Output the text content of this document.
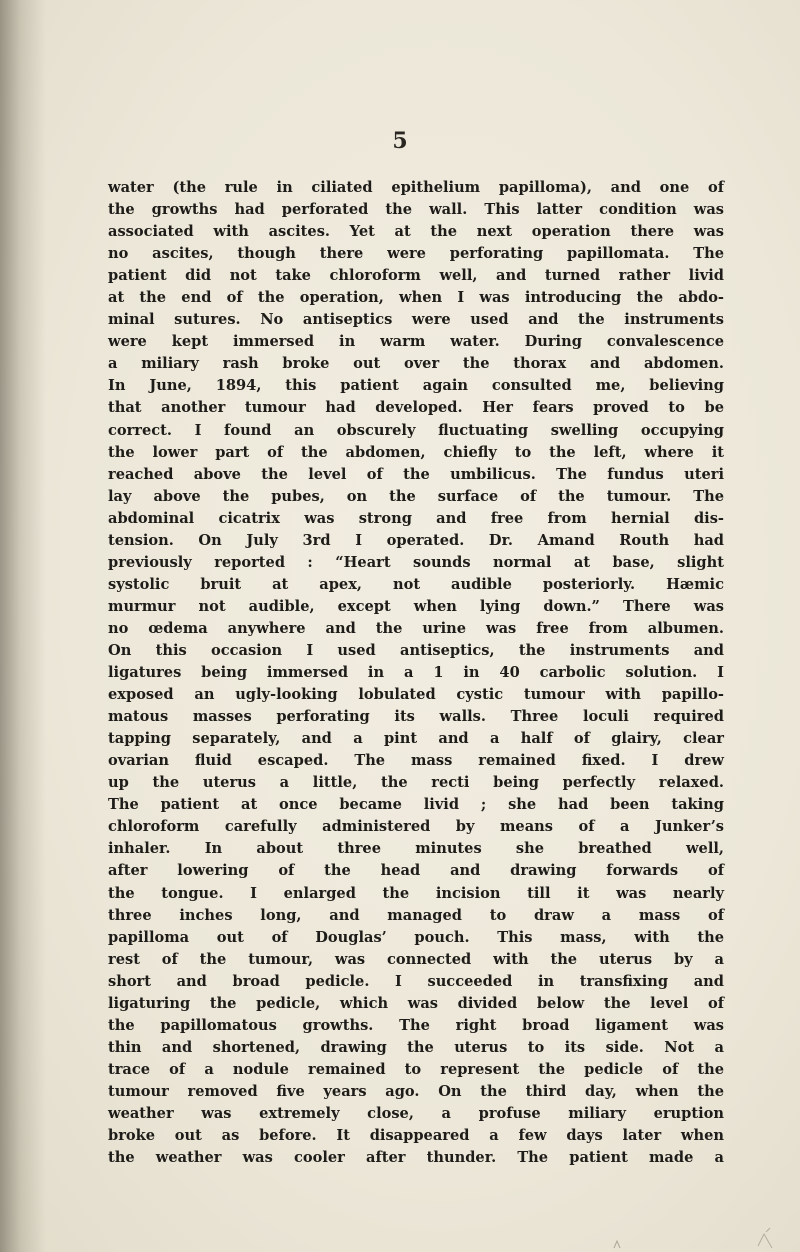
5
water (the rule in ciliated epithelium papilloma), and one of
the growths had perforated the wall. This latter condition was
associated with ascites. Yet at the next operation there was
no ascites, though there were perforating papillomata. The
patient did not take chloroform well, and turned rather livid
at the end of the operation, when I was introducing the abdo-
minal sutures. No antiseptics were used and the instruments
were kept immersed in warm water. During convalescence
a miliary rash broke out over the thorax and abdomen.
In June, 1894, this patient again consulted me, believing
that another tumour had developed. Her fears proved to be
correct. I found an obscurely fluctuating swelling occupying
the lower part of the abdomen, chiefly to the left, where it
reached above the level of the umbilicus. The fundus uteri
lay above the pubes, on the surface of the tumour. The
abdominal cicatrix was strong and free from hernial dis-
tension. On July 3rd I operated. Dr. Amand Routh had
previously reported : “Heart sounds normal at base, slight
systolic bruit at apex, not audible posteriorly. Hæmic
murmur not audible, except when lying down.” There was
no œdema anywhere and the urine was free from albumen.
On this occasion I used antiseptics, the instruments and
ligatures being immersed in a 1 in 40 carbolic solution. I
exposed an ugly-looking lobulated cystic tumour with papillo-
matous masses perforating its walls. Three loculi required
tapping separately, and a pint and a half of glairy, clear
ovarian fluid escaped. The mass remained fixed. I drew
up the uterus a little, the recti being perfectly relaxed.
The patient at once became livid ; she had been taking
chloroform carefully administered by means of a Junker’s
inhaler. In about three minutes she breathed well,
after lowering of the head and drawing forwards of
the tongue. I enlarged the incision till it was nearly
three inches long, and managed to draw a mass of
papilloma out of Douglas’ pouch. This mass, with the
rest of the tumour, was connected with the uterus by a
short and broad pedicle. I succeeded in transfixing and
ligaturing the pedicle, which was divided below the level of
the papillomatous growths. The right broad ligament was
thin and shortened, drawing the uterus to its side. Not a
trace of a nodule remained to represent the pedicle of the
tumour removed five years ago. On the third day, when the
weather was extremely close, a profuse miliary eruption
broke out as before. It disappeared a few days later when
the weather was cooler after thunder. The patient made a
